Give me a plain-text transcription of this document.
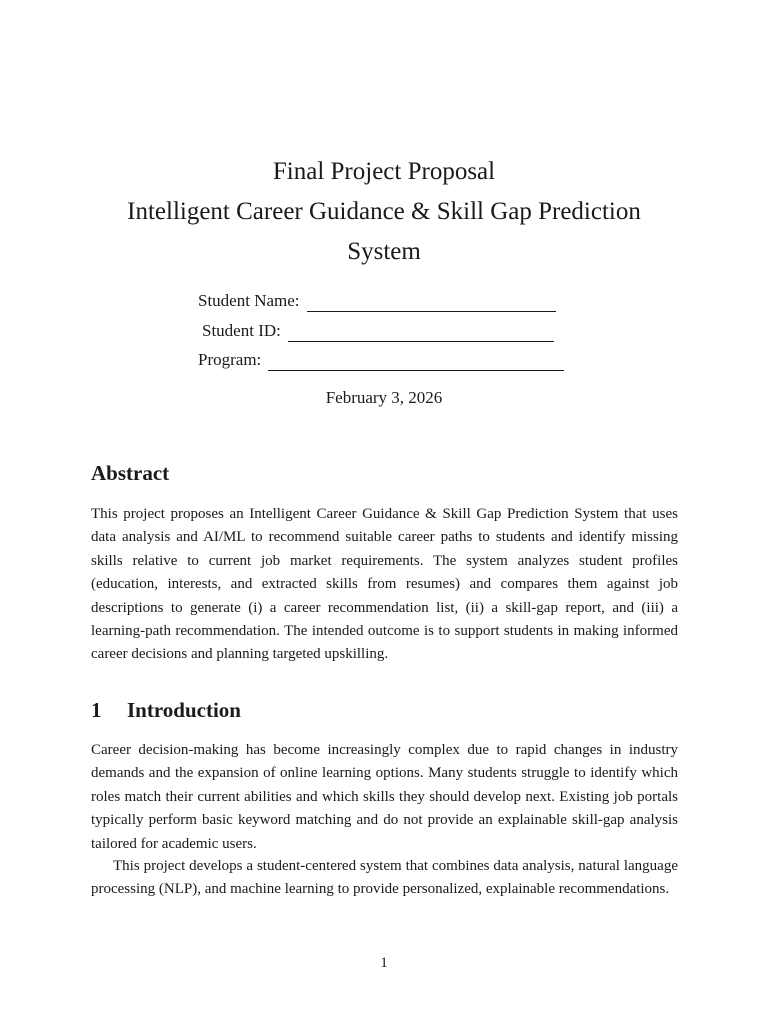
Final Project Proposal
Intelligent Career Guidance & Skill Gap Prediction
System
Student Name:
Student ID:
Program:
February 3, 2026
Abstract
This project proposes an Intelligent Career Guidance & Skill Gap Prediction System that uses data analysis and AI/ML to recommend suitable career paths to students and identify missing skills relative to current job market requirements. The system analyzes student profiles (education, interests, and extracted skills from resumes) and compares them against job descriptions to generate (i) a career recommendation list, (ii) a skill-gap report, and (iii) a learning-path recommendation. The intended outcome is to support students in making informed career decisions and planning targeted upskilling.
1 Introduction
Career decision-making has become increasingly complex due to rapid changes in industry demands and the expansion of online learning options. Many students struggle to identify which roles match their current abilities and which skills they should develop next. Existing job portals typically perform basic keyword matching and do not provide an explainable skill-gap analysis tailored for academic users.
This project develops a student-centered system that combines data analysis, natural language processing (NLP), and machine learning to provide personalized, explainable recommendations.
1
